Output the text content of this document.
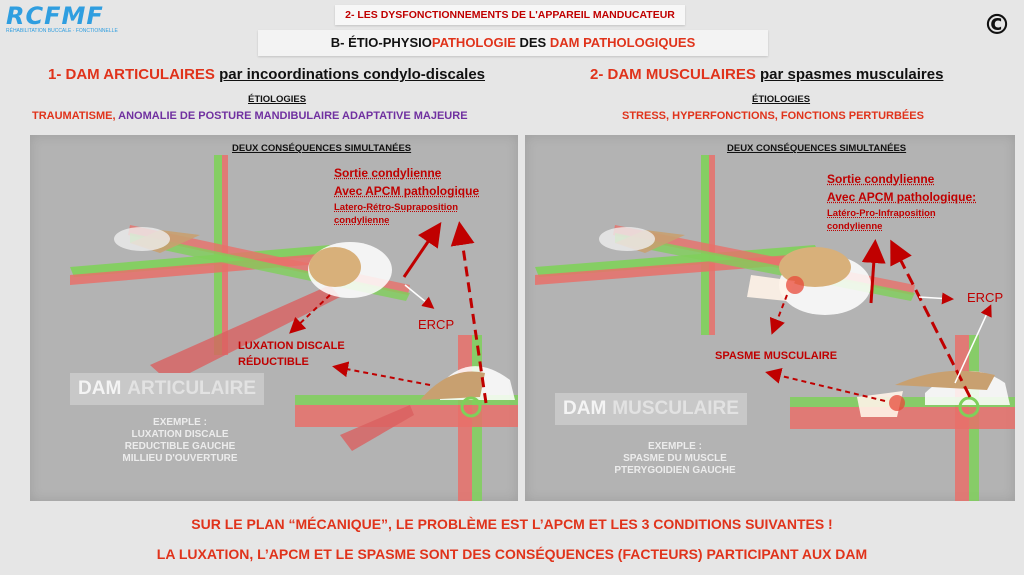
RCFMF
RÉHABILITATION BUCCALE · FONCTIONNELLE	©
2- LES DYSFONCTIONNEMENTS DE L'APPAREIL MANDUCATEUR
B- ÉTIO-PHYSIOPATHOLOGIE DES DAM PATHOLOGIQUES
1- DAM ARTICULAIRES par incoordinations condylo-discales
ÉTIOLOGIES
TRAUMATISME, ANOMALIE DE POSTURE MANDIBULAIRE ADAPTATIVE MAJEURE
2- DAM MUSCULAIRES par spasmes musculaires
ÉTIOLOGIES
STRESS, HYPERFONCTIONS, FONCTIONS PERTURBÉES
DEUX CONSÉQUENCES SIMULTANÉES
Sortie condylienne
Avec APCM pathologique
Latero-Rétro-Supraposition
condylienne
ERCP
LUXATION DISCALE
RÉDUCTIBLE
DAM ARTICULAIRE
EXEMPLE :
LUXATION DISCALE
REDUCTIBLE GAUCHE
MILLIEU D'OUVERTURE
DEUX CONSÉQUENCES SIMULTANÉES
Sortie condylienne
Avec APCM pathologique:
Latéro-Pro-Infraposition
condylienne
ERCP
SPASME MUSCULAIRE
DAM MUSCULAIRE
EXEMPLE :
SPASME DU MUSCLE
PTERYGOIDIEN GAUCHE
SUR LE PLAN “MÉCANIQUE”, LE PROBLÈME EST L’APCM ET LES 3 CONDITIONS SUIVANTES !
LA LUXATION, L’APCM ET LE SPASME SONT DES CONSÉQUENCES (FACTEURS) PARTICIPANT AUX DAM
